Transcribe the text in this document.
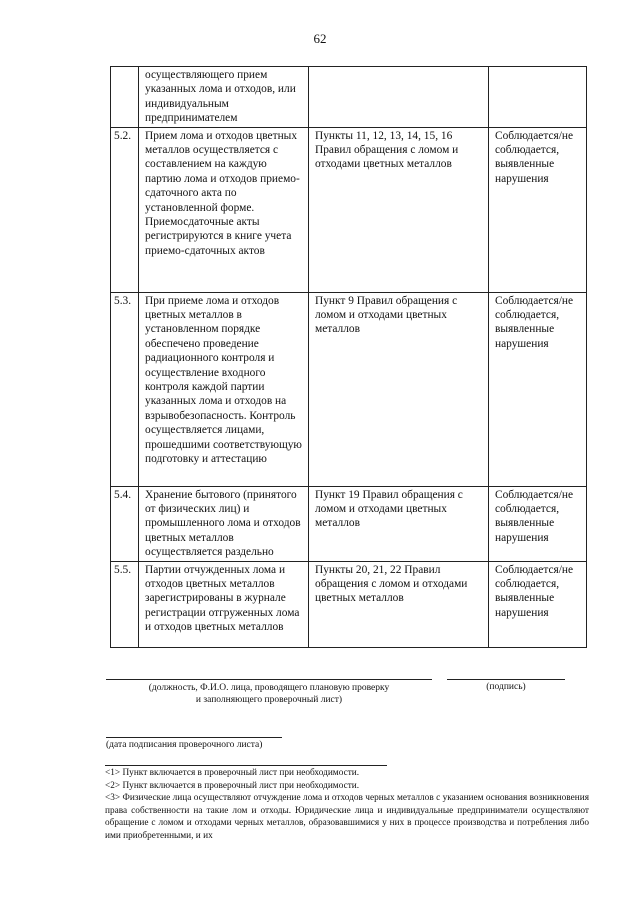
62
	осуществляющего прием указанных лома и отходов, или индивидуальным предпринимателем		
5.2.	Прием лома и отходов цветных металлов осуществляется с составлением на каждую партию лома и отходов приемо-сдаточного акта по установленной форме. Приемосдаточные акты регистрируются в книге учета приемо-сдаточных актов	Пункты 11, 12, 13, 14, 15, 16 Правил обращения с ломом и отходами цветных металлов	Соблюдается/не соблюдается, выявленные нарушения
5.3.	При приеме лома и отходов цветных металлов в установленном порядке обеспечено проведение радиационного контроля и осуществление входного контроля каждой партии указанных лома и отходов на взрывобезопасность. Контроль осуществляется лицами, прошедшими соответствующую подготовку и аттестацию	Пункт 9 Правил обращения с ломом и отходами цветных металлов	Соблюдается/не соблюдается, выявленные нарушения
5.4.	Хранение бытового (принятого от физических лиц) и промышленного лома и отходов цветных металлов осуществляется раздельно	Пункт 19 Правил обращения с ломом и отходами цветных металлов	Соблюдается/не соблюдается, выявленные нарушения
5.5.	Партии отчужденных лома и отходов цветных металлов зарегистрированы в журнале регистрации отгруженных лома и отходов цветных металлов	Пункты 20, 21, 22 Правил обращения с ломом и отходами цветных металлов	Соблюдается/не соблюдается, выявленные нарушения
(должность, Ф.И.О. лица, проводящего плановую проверку
и заполняющего проверочный лист)
(подпись)
(дата подписания проверочного листа)

<1> Пункт включается в проверочный лист при необходимости.

<2> Пункт включается в проверочный лист при необходимости.

<3> Физические лица осуществляют отчуждение лома и отходов черных металлов с указанием основания возникновения права собственности на такие лом и отходы. Юридические лица и индивидуальные предприниматели осуществляют обращение с ломом и отходами черных металлов, образовавшимися у них в процессе производства и потребления либо ими приобретенными, и их
